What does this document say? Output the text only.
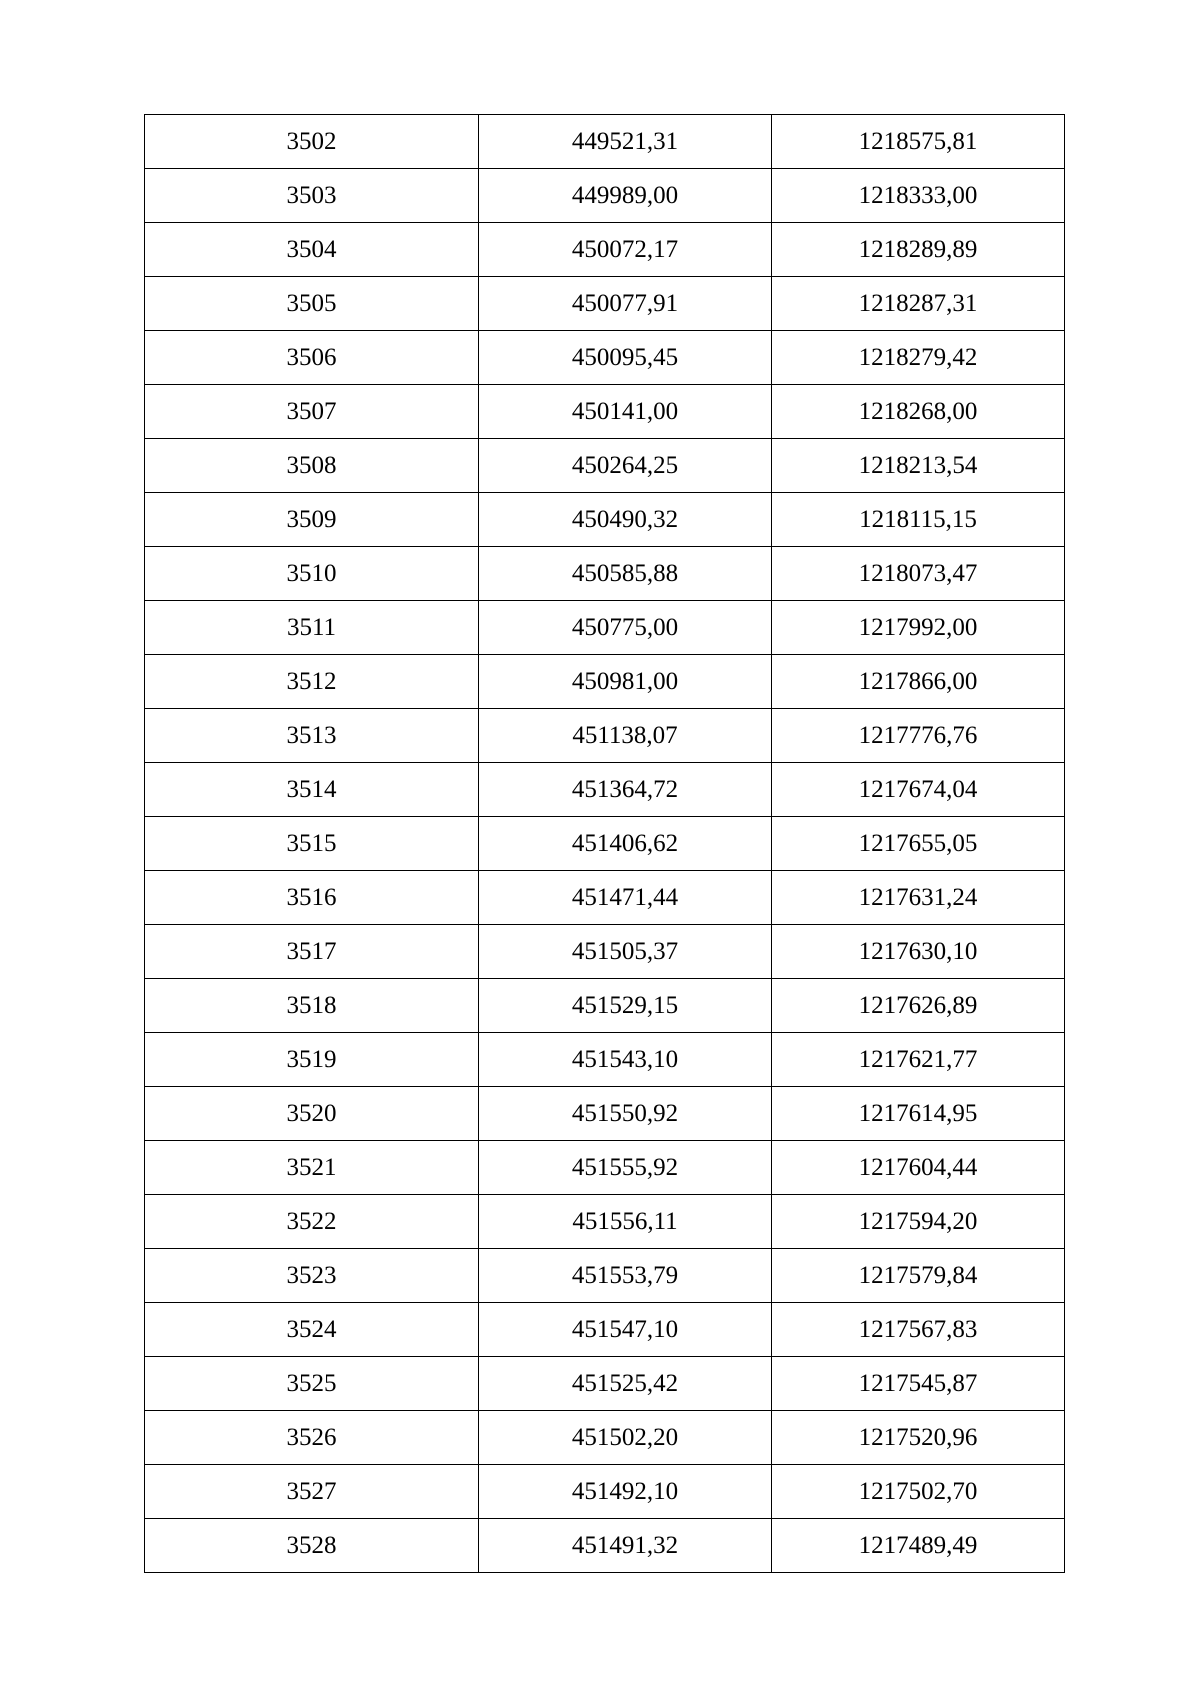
3502	449521,31	1218575,81
3503	449989,00	1218333,00
3504	450072,17	1218289,89
3505	450077,91	1218287,31
3506	450095,45	1218279,42
3507	450141,00	1218268,00
3508	450264,25	1218213,54
3509	450490,32	1218115,15
3510	450585,88	1218073,47
3511	450775,00	1217992,00
3512	450981,00	1217866,00
3513	451138,07	1217776,76
3514	451364,72	1217674,04
3515	451406,62	1217655,05
3516	451471,44	1217631,24
3517	451505,37	1217630,10
3518	451529,15	1217626,89
3519	451543,10	1217621,77
3520	451550,92	1217614,95
3521	451555,92	1217604,44
3522	451556,11	1217594,20
3523	451553,79	1217579,84
3524	451547,10	1217567,83
3525	451525,42	1217545,87
3526	451502,20	1217520,96
3527	451492,10	1217502,70
3528	451491,32	1217489,49
